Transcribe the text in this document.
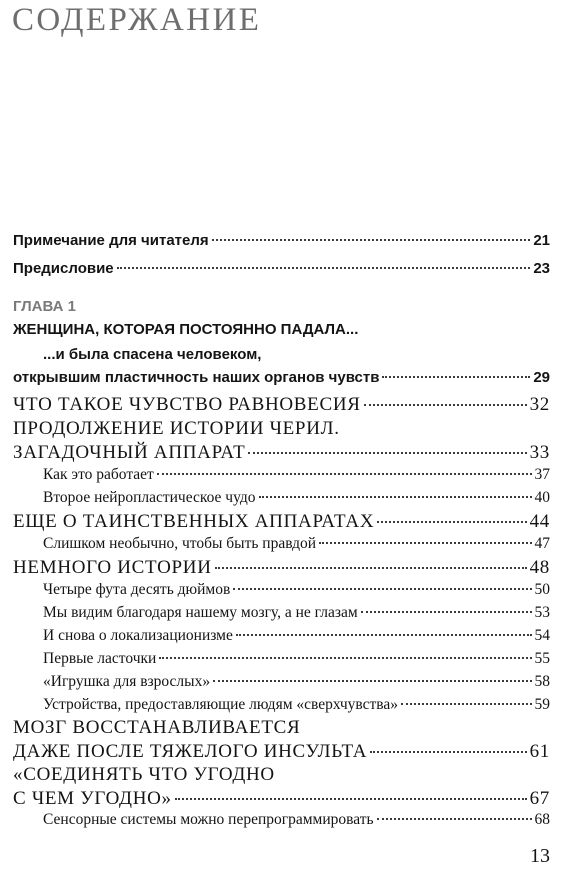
СОДЕРЖАНИЕ
Примечание для читателя	21
Предисловие	23
ГЛАВА 1
ЖЕНЩИНА, КОТОРАЯ ПОСТОЯННО ПАДАЛА...
...и была спасена человеком,
открывшим пластичность наших органов чувств	29
ЧТО ТАКОЕ ЧУВСТВО РАВНОВЕСИЯ	32
ПРОДОЛЖЕНИЕ ИСТОРИИ ЧЕРИЛ.
ЗАГАДОЧНЫЙ АППАРАТ	33
Как это работает	37
Второе нейропластическое чудо	40
ЕЩЕ О ТАИНСТВЕННЫХ АППАРАТАХ	44
Слишком необычно, чтобы быть правдой	47
НЕМНОГО ИСТОРИИ	48
Четыре фута десять дюймов	50
Мы видим благодаря нашему мозгу, а не глазам	53
И снова о локализационизме	54
Первые ласточки	55
«Игрушка для взрослых»	58
Устройства, предоставляющие людям «сверхчувства»	59
МОЗГ ВОССТАНАВЛИВАЕТСЯ
ДАЖЕ ПОСЛЕ ТЯЖЕЛОГО ИНСУЛЬТА	61
«СОЕДИНЯТЬ ЧТО УГОДНО
С ЧЕМ УГОДНО»	67
Сенсорные системы можно перепрограммировать	68
13
